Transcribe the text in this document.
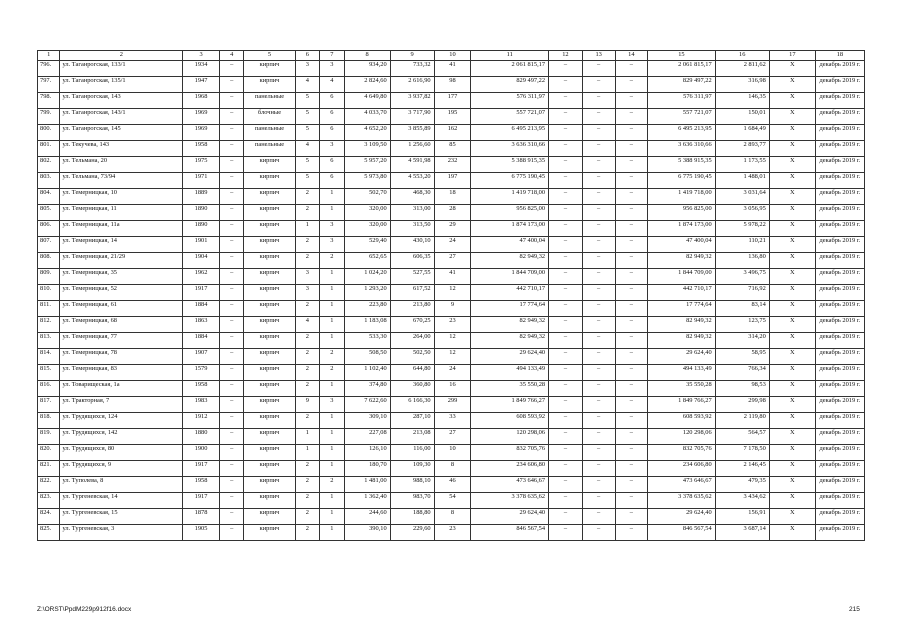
1	2	3	4	5	6	7	8	9	10	11	12	13	14	15	16	17	18
796.	ул. Таганрогская, 133/1	1934	–	кирпич	3	3	934,20	733,32	41	2 061 815,17	–	–	–	2 061 815,17	2 811,62	X	декабрь 2019 г.
797.	ул. Таганрогская, 135/1	1947	–	кирпич	4	4	2 824,60	2 616,90	98	829 497,22	–	–	–	829 497,22	316,98	X	декабрь 2019 г.
798.	ул. Таганрогская, 143	1968	–	панельные	5	6	4 649,80	3 937,82	177	576 311,97	–	–	–	576 311,97	146,35	X	декабрь 2019 г.
799.	ул. Таганрогская, 143/1	1969	–	блочные	5	6	4 033,70	3 717,90	195	557 721,07	–	–	–	557 721,07	150,01	X	декабрь 2019 г.
800.	ул. Таганрогская, 145	1969	–	панельные	5	6	4 652,20	3 855,89	162	6 495 213,95	–	–	–	6 495 213,95	1 684,49	X	декабрь 2019 г.
801.	ул. Текучева, 143	1958	–	панельные	4	3	3 109,50	1 256,60	85	3 636 310,66	–	–	–	3 636 310,66	2 893,77	X	декабрь 2019 г.
802.	ул. Тельмана, 20	1975	–	кирпич	5	6	5 957,20	4 591,98	232	5 388 915,35	–	–	–	5 388 915,35	1 173,55	X	декабрь 2019 г.
803.	ул. Тельмана, 73/94	1971	–	кирпич	5	6	5 973,80	4 553,20	197	6 775 190,45	–	–	–	6 775 190,45	1 488,01	X	декабрь 2019 г.
804.	ул. Темерницкая, 10	1889	–	кирпич	2	1	502,70	468,30	18	1 419 718,00	–	–	–	1 419 718,00	3 031,64	X	декабрь 2019 г.
805.	ул. Темерницкая, 11	1890	–	кирпич	2	1	320,00	313,00	28	956 825,00	–	–	–	956 825,00	3 056,95	X	декабрь 2019 г.
806.	ул. Темерницкая, 11а	1890	–	кирпич	1	3	320,00	313,50	29	1 874 173,00	–	–	–	1 874 173,00	5 978,22	X	декабрь 2019 г.
807.	ул. Темерницкая, 14	1901	–	кирпич	2	3	529,40	430,10	24	47 400,04	–	–	–	47 400,04	110,21	X	декабрь 2019 г.
808.	ул. Темерницкая, 21/29	1904	–	кирпич	2	2	652,65	606,35	27	82 949,32	–	–	–	82 949,32	136,80	X	декабрь 2019 г.
809.	ул. Темерницкая, 35	1962	–	кирпич	3	1	1 024,20	527,55	41	1 844 709,00	–	–	–	1 844 709,00	3 496,75	X	декабрь 2019 г.
810.	ул. Темерницкая, 52	1917	–	кирпич	3	1	1 293,20	617,52	12	442 710,17	–	–	–	442 710,17	716,92	X	декабрь 2019 г.
811.	ул. Темерницкая, 61	1884	–	кирпич	2	1	223,80	213,80	9	17 774,64	–	–	–	17 774,64	83,14	X	декабрь 2019 г.
812.	ул. Темерницкая, 68	1863	–	кирпич	4	1	1 183,08	670,25	23	82 949,32	–	–	–	82 949,32	123,75	X	декабрь 2019 г.
813.	ул. Темерницкая, 77	1884	–	кирпич	2	1	533,30	264,00	12	82 949,32	–	–	–	82 949,32	314,20	X	декабрь 2019 г.
814.	ул. Темерницкая, 78	1907	–	кирпич	2	2	508,50	502,50	12	29 624,40	–	–	–	29 624,40	58,95	X	декабрь 2019 г.
815.	ул. Темерницкая, 83	1579	–	кирпич	2	2	1 102,40	644,80	24	494 133,49	–	–	–	494 133,49	766,34	X	декабрь 2019 г.
816.	ул. Товарищеская, 1а	1958	–	кирпич	2	1	374,80	360,80	16	35 550,28	–	–	–	35 550,28	98,53	X	декабрь 2019 г.
817.	ул. Тракторная, 7	1983	–	кирпич	9	3	7 622,60	6 166,30	299	1 849 766,27	–	–	–	1 849 766,27	299,98	X	декабрь 2019 г.
818.	ул. Трудящихся, 124	1912	–	кирпич	2	1	309,10	287,10	33	608 593,92	–	–	–	608 593,92	2 119,80	X	декабрь 2019 г.
819.	ул. Трудящихся, 142	1880	–	кирпич	1	1	227,08	213,08	27	120 298,06	–	–	–	120 298,06	564,57	X	декабрь 2019 г.
820.	ул. Трудящихся, 80	1900	–	кирпич	1	1	126,10	116,00	10	832 705,76	–	–	–	832 705,76	7 178,50	X	декабрь 2019 г.
821.	ул. Трудящихся, 9	1917	–	кирпич	2	1	180,70	109,30	8	234 606,80	–	–	–	234 606,80	2 146,45	X	декабрь 2019 г.
822.	ул. Туполева, 8	1958	–	кирпич	2	2	1 481,00	988,10	46	473 646,67	–	–	–	473 646,67	479,35	X	декабрь 2019 г.
823.	ул. Тургеневская, 14	1917	–	кирпич	2	1	1 362,40	983,70	54	3 378 635,62	–	–	–	3 378 635,62	3 434,62	X	декабрь 2019 г.
824.	ул. Тургеневская, 15	1878	–	кирпич	2	1	244,60	188,80	8	29 624,40	–	–	–	29 624,40	156,91	X	декабрь 2019 г.
825.	ул. Тургеневская, 3	1905	–	кирпич	2	1	390,10	229,60	23	846 567,54	–	–	–	846 567,54	3 687,14	X	декабрь 2019 г.
Z:\ORST\PpdM229p912f16.docx	215
